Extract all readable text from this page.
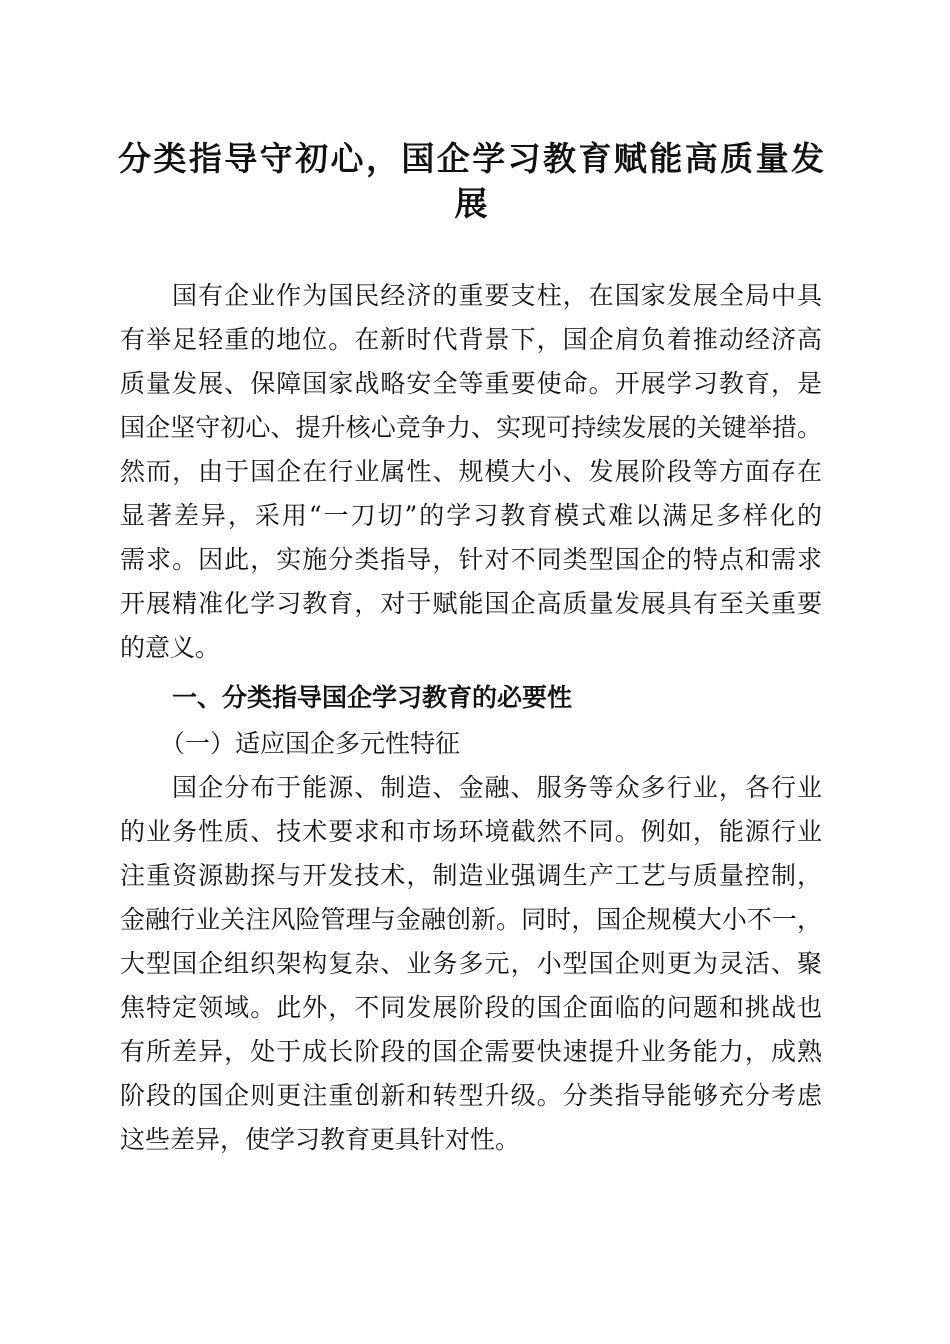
分类指导守初心，国企学习教育赋能高质量发
展
国有企业作为国民经济的重要支柱，在国家发展全局中具
有举足轻重的地位。在新时代背景下，国企肩负着推动经济高
质量发展、保障国家战略安全等重要使命。开展学习教育，是
国企坚守初心、提升核心竞争力、实现可持续发展的关键举措。
然而，由于国企在行业属性、规模大小、发展阶段等方面存在
显著差异，采用“一刀切”的学习教育模式难以满足多样化的
需求。因此，实施分类指导，针对不同类型国企的特点和需求
开展精准化学习教育，对于赋能国企高质量发展具有至关重要
的意义。
一、分类指导国企学习教育的必要性
（一）适应国企多元性特征
国企分布于能源、制造、金融、服务等众多行业，各行业
的业务性质、技术要求和市场环境截然不同。例如，能源行业
注重资源勘探与开发技术，制造业强调生产工艺与质量控制，
金融行业关注风险管理与金融创新。同时，国企规模大小不一，
大型国企组织架构复杂、业务多元，小型国企则更为灵活、聚
焦特定领域。此外，不同发展阶段的国企面临的问题和挑战也
有所差异，处于成长阶段的国企需要快速提升业务能力，成熟
阶段的国企则更注重创新和转型升级。分类指导能够充分考虑
这些差异，使学习教育更具针对性。
